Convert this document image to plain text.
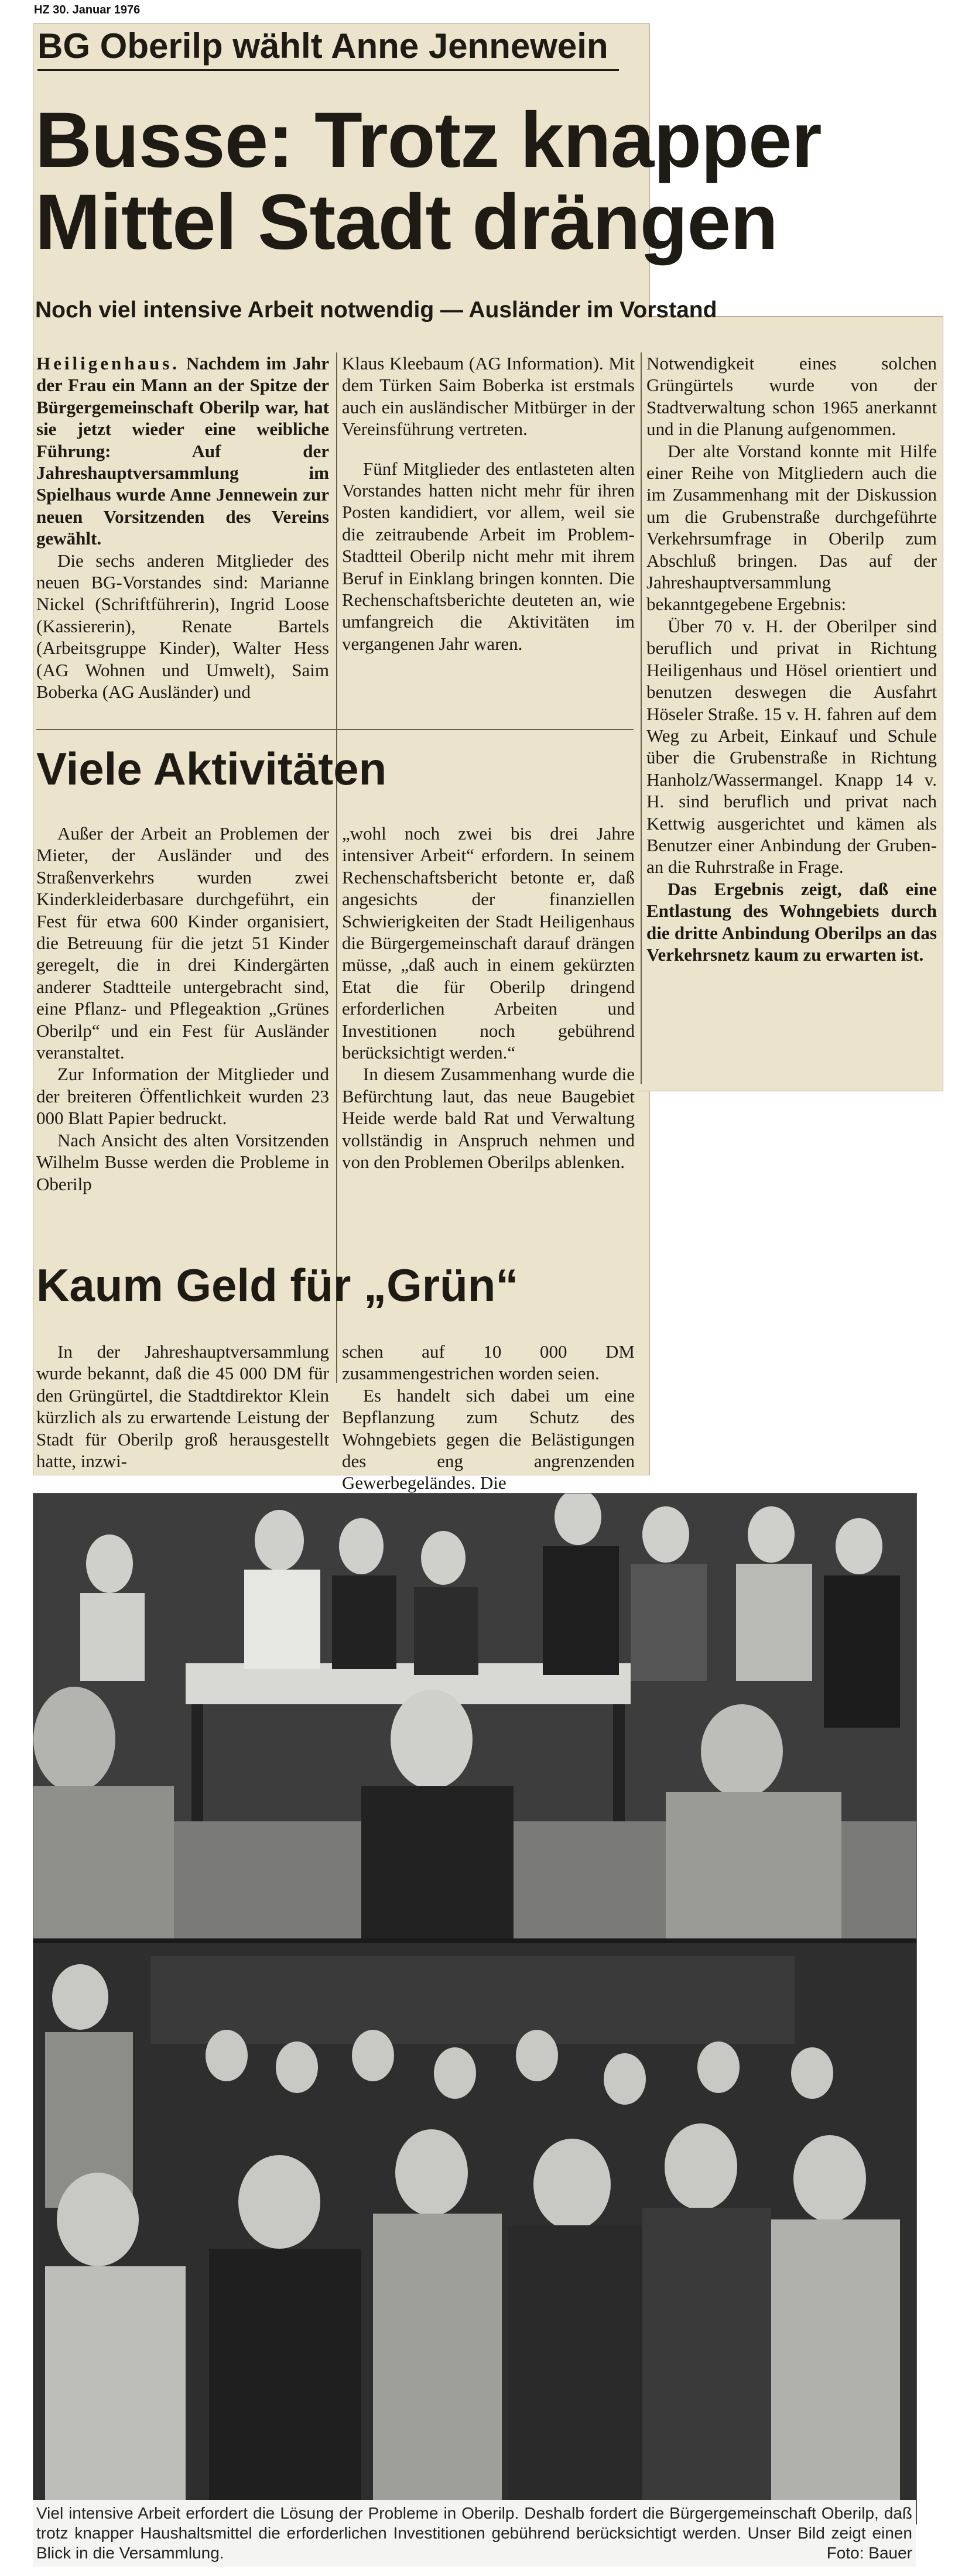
HZ 30. Januar 1976
BG Oberilp wählt Anne Jennewein
Busse: Trotz knapper Mittel Stadt drängen
Noch viel intensive Arbeit notwendig — Ausländer im Vorstand

Heiligenhaus. Nachdem im Jahr der Frau ein Mann an der Spitze der Bürgergemeinschaft Oberilp war, hat sie jetzt wieder eine weibliche Führung: Auf der Jahreshauptversammlung im Spielhaus wurde Anne Jennewein zur neuen Vorsitzenden des Vereins gewählt.

Die sechs anderen Mitglieder des neuen BG-Vorstandes sind: Marianne Nickel (Schriftführerin), Ingrid Loose (Kassiererin), Renate Bartels (Arbeitsgruppe Kinder), Walter Hess (AG Wohnen und Umwelt), Saim Boberka (AG Ausländer) und

Klaus Kleebaum (AG Information). Mit dem Türken Saim Boberka ist erstmals auch ein ausländischer Mitbürger in der Vereinsführung vertreten.

Fünf Mitglieder des entlasteten alten Vorstandes hatten nicht mehr für ihren Posten kandidiert, vor allem, weil sie die zeitraubende Arbeit im Problem-Stadtteil Oberilp nicht mehr mit ihrem Beruf in Einklang bringen konnten. Die Rechenschaftsberichte deuteten an, wie umfangreich die Aktivitäten im vergangenen Jahr waren.

Notwendigkeit eines solchen Grüngürtels wurde von der Stadtverwaltung schon 1965 anerkannt und in die Planung aufgenommen.

Der alte Vorstand konnte mit Hilfe einer Reihe von Mitgliedern auch die im Zusammenhang mit der Diskussion um die Grubenstraße durchgeführte Verkehrsumfrage in Oberilp zum Abschluß bringen. Das auf der Jahreshauptversammlung bekanntgegebene Ergebnis:

Über 70 v. H. der Oberilper sind beruflich und privat in Richtung Heiligenhaus und Hösel orientiert und benutzen deswegen die Ausfahrt Höseler Straße. 15 v. H. fahren auf dem Weg zu Arbeit, Einkauf und Schule über die Grubenstraße in Richtung Hanholz/Wassermangel. Knapp 14 v. H. sind beruflich und privat nach Kettwig ausgerichtet und kämen als Benutzer einer Anbindung der Gruben- an die Ruhrstraße in Frage.

Das Ergebnis zeigt, daß eine Entlastung des Wohngebiets durch die dritte Anbindung Oberilps an das Verkehrsnetz kaum zu erwarten ist.

Viele Aktivitäten

Außer der Arbeit an Problemen der Mieter, der Ausländer und des Straßenverkehrs wurden zwei Kinderkleiderbasare durchgeführt, ein Fest für etwa 600 Kinder organisiert, die Betreuung für die jetzt 51 Kinder geregelt, die in drei Kindergärten anderer Stadtteile untergebracht sind, eine Pflanz- und Pflegeaktion „Grünes Oberilp“ und ein Fest für Ausländer veranstaltet.

Zur Information der Mitglieder und der breiteren Öffentlichkeit wurden 23 000 Blatt Papier bedruckt.

Nach Ansicht des alten Vorsitzenden Wilhelm Busse werden die Probleme in Oberilp

„wohl noch zwei bis drei Jahre intensiver Arbeit“ erfordern. In seinem Rechenschaftsbericht betonte er, daß angesichts der finanziellen Schwierigkeiten der Stadt Heiligenhaus die Bürgergemeinschaft darauf drängen müsse, „daß auch in einem gekürzten Etat die für Oberilp dringend erforderlichen Arbeiten und Investitionen noch gebührend berücksichtigt werden.“

In diesem Zusammenhang wurde die Befürchtung laut, das neue Baugebiet Heide werde bald Rat und Verwaltung vollständig in Anspruch nehmen und von den Problemen Oberilps ablenken.

Kaum Geld für „Grün“

In der Jahreshauptversammlung wurde bekannt, daß die 45 000 DM für den Grüngürtel, die Stadtdirektor Klein kürzlich als zu erwartende Leistung der Stadt für Oberilp groß herausgestellt hatte, inzwi-

schen auf 10 000 DM zusammengestrichen worden seien.

Es handelt sich dabei um eine Bepflanzung zum Schutz des Wohngebiets gegen die Belästigungen des eng angrenzenden Gewerbegeländes. Die

Viel intensive Arbeit erfordert die Lösung der Probleme in Oberilp. Deshalb fordert die Bürgergemeinschaft Oberilp, daß trotz knapper Haushaltsmittel die erforderlichen Investitionen gebührend berücksichtigt werden. Unser Bild zeigt einen Blick in die Versammlung.	Foto: Bauer
